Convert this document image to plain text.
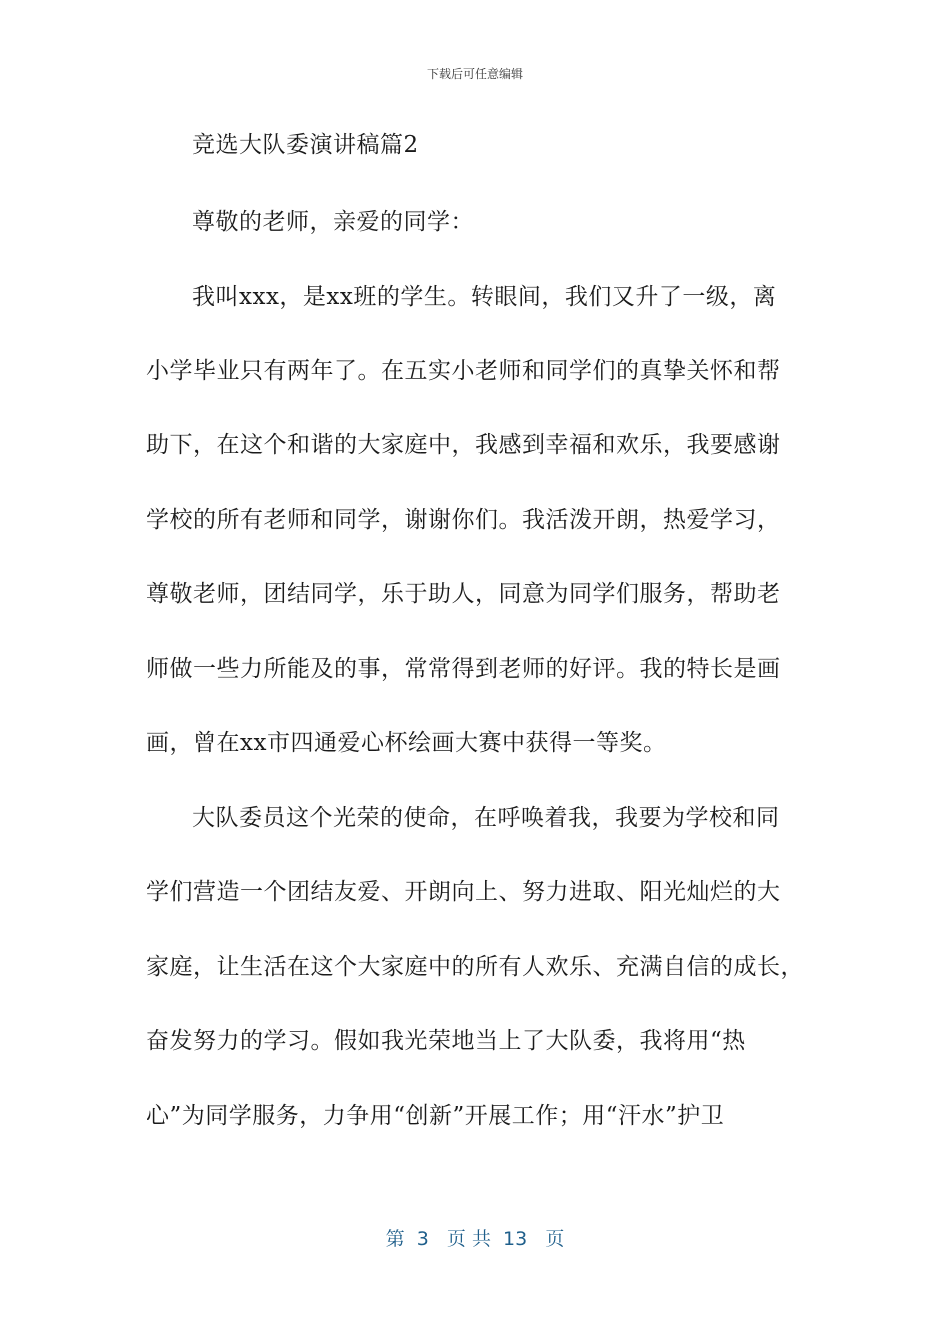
下载后可任意编辑
竞选大队委演讲稿篇2
尊敬的老师，亲爱的同学：
我叫xxx，是xx班的学生。转眼间，我们又升了一级，离
小学毕业只有两年了。在五实小老师和同学们的真挚关怀和帮
助下，在这个和谐的大家庭中，我感到幸福和欢乐，我要感谢
学校的所有老师和同学，谢谢你们。我活泼开朗，热爱学习，
尊敬老师，团结同学，乐于助人，同意为同学们服务，帮助老
师做一些力所能及的事，常常得到老师的好评。我的特长是画
画，曾在xx市四通爱心杯绘画大赛中获得一等奖。
大队委员这个光荣的使命，在呼唤着我，我要为学校和同
学们营造一个团结友爱、开朗向上、努力进取、阳光灿烂的大
家庭，让生活在这个大家庭中的所有人欢乐、充满自信的成长，
奋发努力的学习。假如我光荣地当上了大队委，我将用“热
心”为同学服务，力争用“创新”开展工作；用“汗水”护卫
第  3   页 共  13   页
